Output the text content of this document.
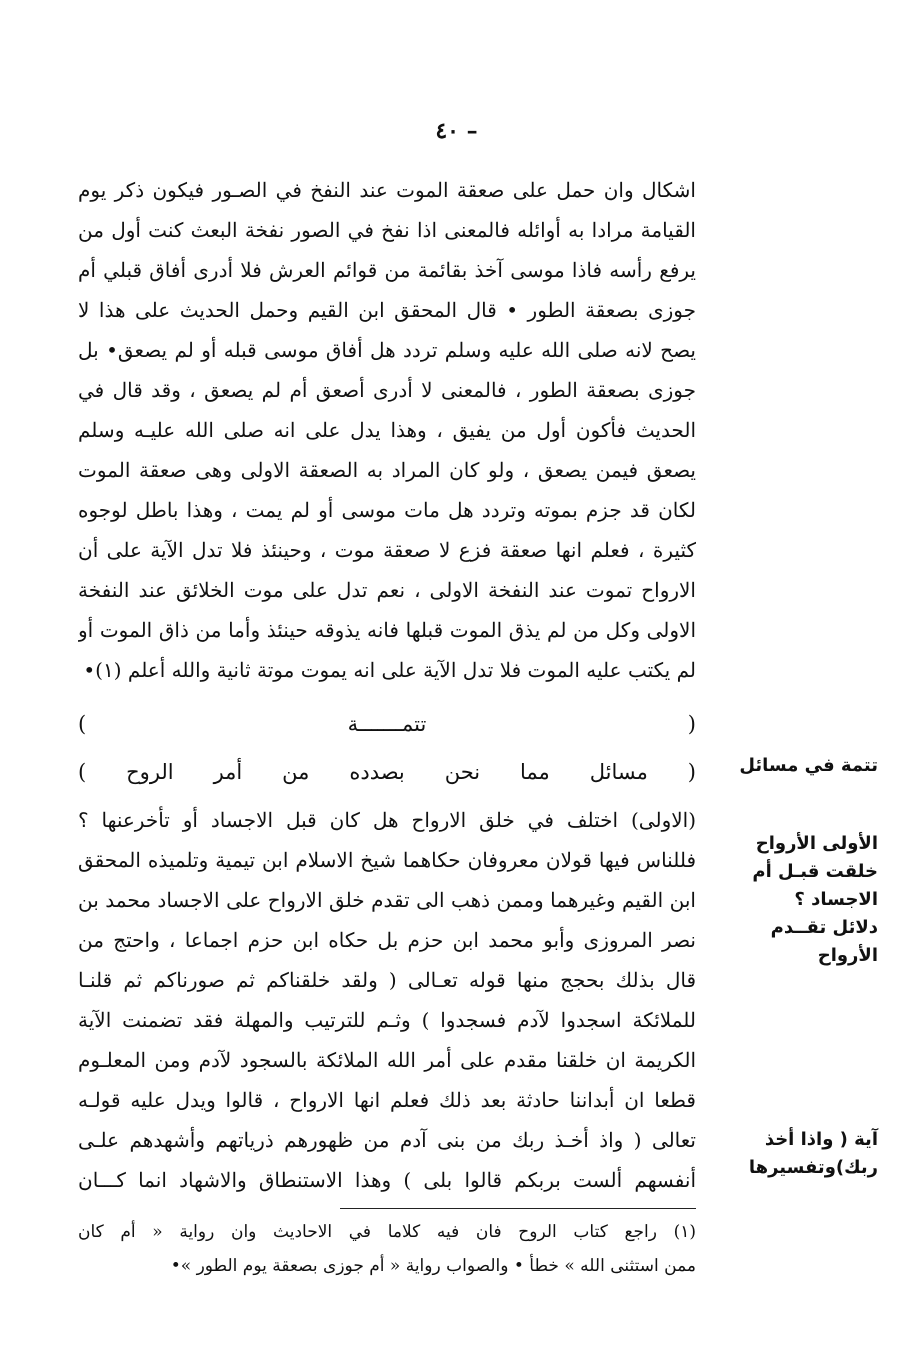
– ٤٠
اشكال وان حمل على صعقة الموت عند النفخ في الصـور فيكون ذكر يوم
القيامة مرادا به أوائله فالمعنى اذا نفخ في الصور نفخة البعث كنت أول من
يرفع رأسه فاذا موسى آخذ بقائمة من قوائم العرش فلا أدرى أفاق قبلي أم
جوزى بصعقة الطور • قال المحقق ابن القيم وحمل الحديث على هذا لا
يصح لانه صلى الله عليه وسلم تردد هل أفاق موسى قبله أو لم يصعق• بل
جوزى بصعقة الطور ، فالمعنى لا أدرى أصعق أم لم يصعق ، وقد قال في
الحديث فأكون أول من يفيق ، وهذا يدل على انه صلى الله عليـه وسلم
يصعق فيمن يصعق ، ولو كان المراد به الصعقة الاولى وهى صعقة الموت
لكان قد جزم بموته وتردد هل مات موسى أو لم يمت ، وهذا باطل لوجوه
كثيرة ، فعلم انها صعقة فزع لا صعقة موت ، وحينئذ فلا تدل الآية على أن
الارواح تموت عند النفخة الاولى ، نعم تدل على موت الخلائق عند النفخة
الاولى وكل من لم يذق الموت قبلها فانه يذوقه حينئذ وأما من ذاق الموت أو
لم يكتب عليه الموت فلا تدل الآية على انه يموت موتة ثانية والله أعلم (١)•
( تتمـــــــة )
( مسائل مما نحن بصدده من أمر الروح )
(الاولى) اختلف في خلق الارواح هل كان قبل الاجساد أو تأخرعنها ؟
فللناس فيها قولان معروفان حكاهما شيخ الاسلام ابن تيمية وتلميذه المحقق
ابن القيم وغيرهما وممن ذهب الى تقدم خلق الارواح على الاجساد محمد بن
نصر المروزى وأبو محمد ابن حزم بل حكاه ابن حزم اجماعا ، واحتج من
قال بذلك بحجج منها قوله تعـالى ( ولقد خلقناكم ثم صورناكم ثم قلنـا
للملائكة اسجدوا لآدم فسجدوا ) وثـم للترتيب والمهلة فقد تضمنت الآية
الكريمة ان خلقنا مقدم على أمر الله الملائكة بالسجود لآدم ومن المعلـوم
قطعا ان أبداننا حادثة بعد ذلك فعلم انها الارواح ، قالوا ويدل عليه قولـه
تعالى ( واذ أخـذ ربك من بنى آدم من ظهورهم ذرياتهم وأشهدهم علـى
أنفسهم ألست بربكم قالوا بلى ) وهذا الاستنطاق والاشهاد انما كـــان
(١) راجع كتاب الروح فان فيه كلاما في الاحاديث وان رواية « أم كان
ممن استثنى الله » خطأ • والصواب رواية « أم جوزى بصعقة يوم الطور »•
تتمة في مسائل
الأولى الأرواح
خلقت قبـل أم
الاجساد ؟
دلائل تقــدم
الأرواح
آية ( واذا أخذ
ربك)وتفسيرها
